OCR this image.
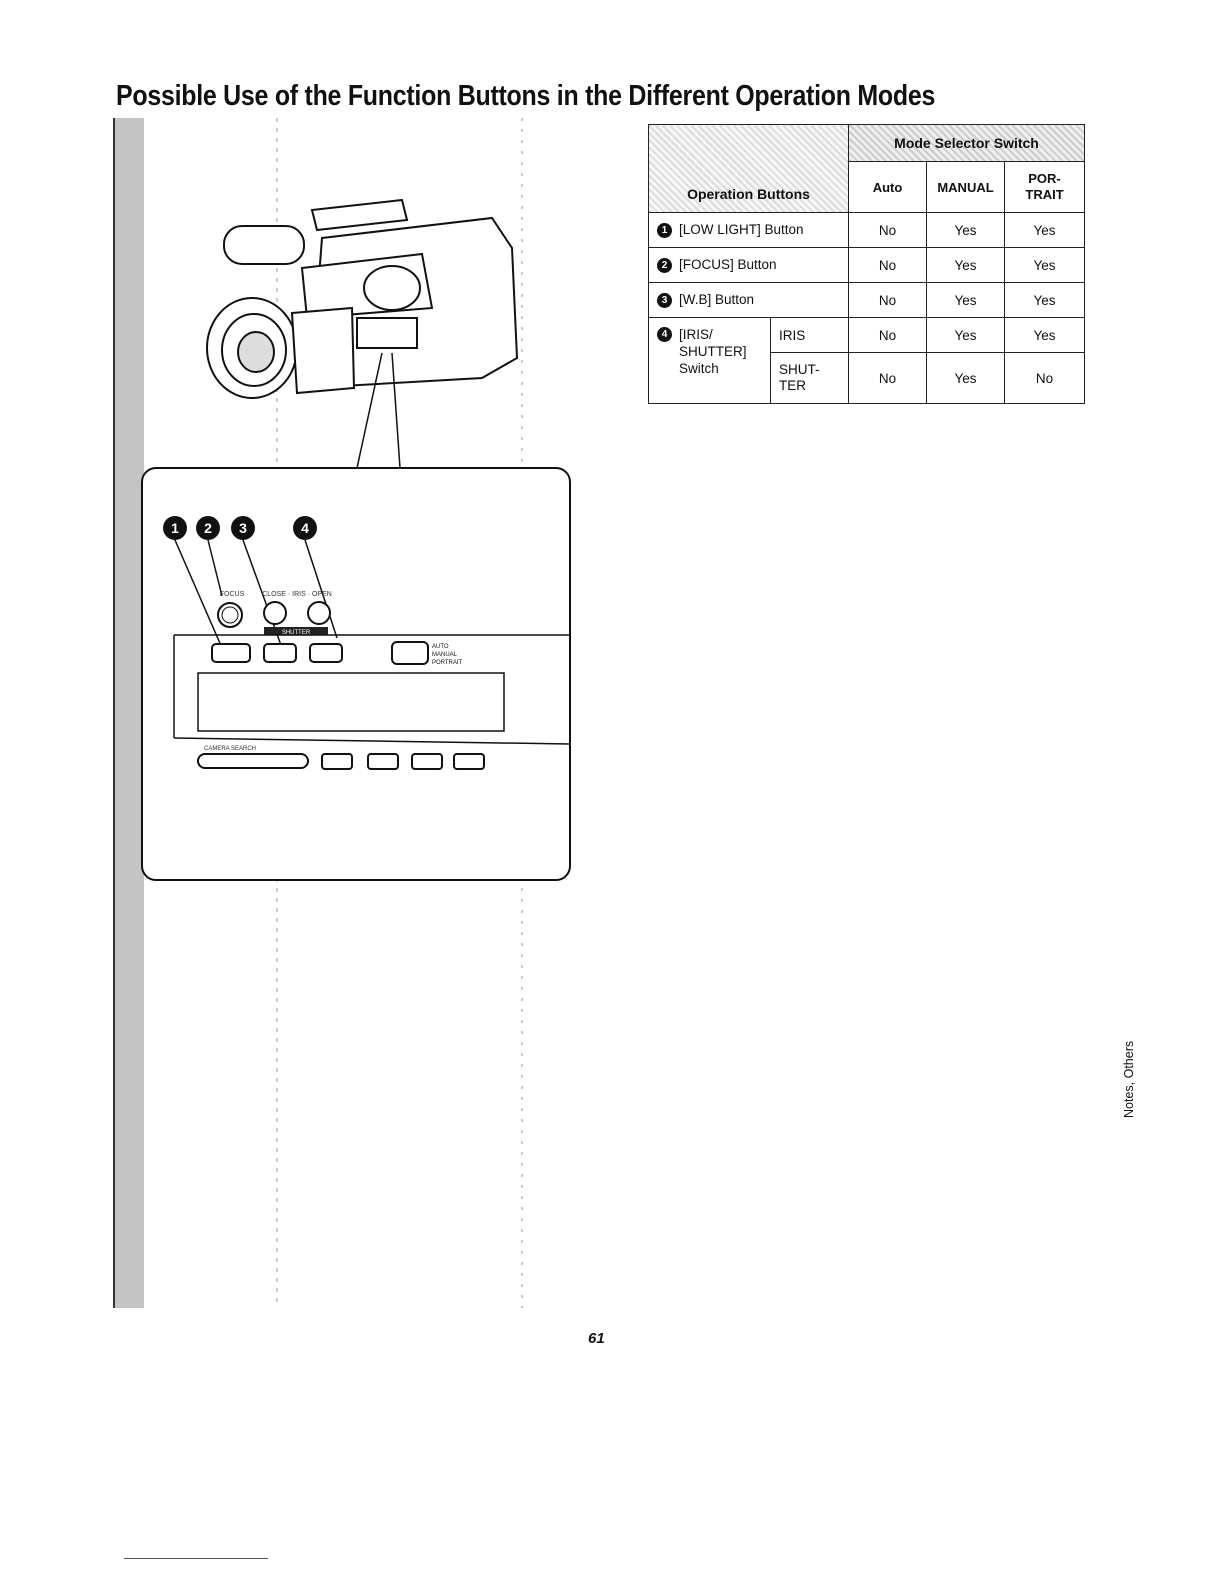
Possible Use of the Function Buttons in the Different Operation Modes
1 2 3	4
FOCUS	CLOSE · IRIS · OPEN
SHUTTER
AUTO
MANUAL
PORTRAIT
CAMERA SEARCH
Operation Buttons		Mode Selector Switch		
		Auto	MANUAL	POR-
TRAIT
1 [LOW LIGHT] Button		No	Yes	Yes
2 [FOCUS] Button		No	Yes	Yes
3 [W.B] Button		No	Yes	Yes

4 [IRIS/
SHUTTER]
Switch	IRIS	No	Yes	Yes
	SHUT-
TER	No	Yes	No
Notes, Others
61
